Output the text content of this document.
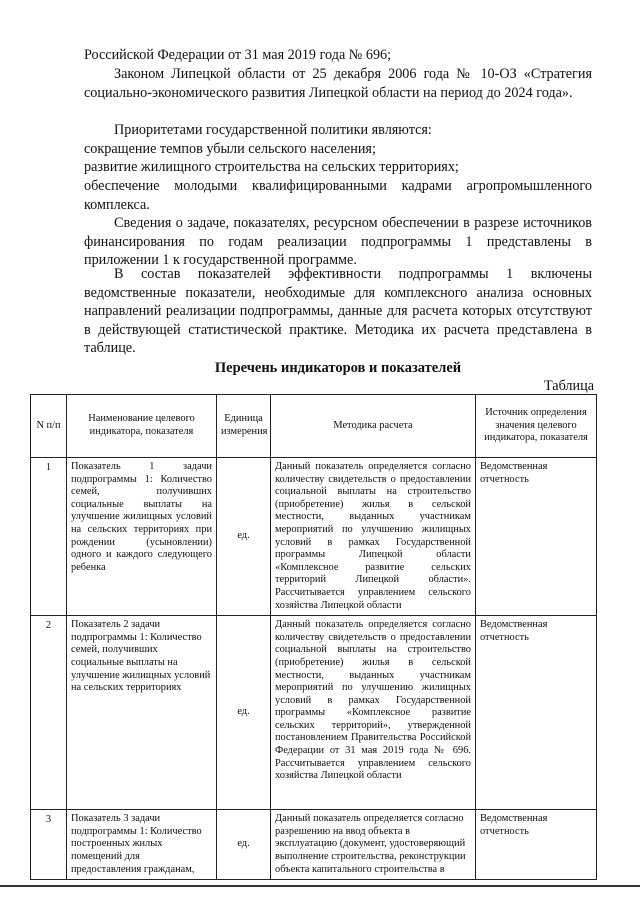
Российской Федерации от 31 мая 2019 года № 696;

Законом Липецкой области от 25 декабря 2006 года № 10-ОЗ «Стратегия социально-экономического развития Липецкой области на период до 2024 года».

Приоритетами государственной политики являются:

сокращение темпов убыли сельского населения;

развитие жилищного строительства на сельских территориях;

обеспечение молодыми квалифицированными кадрами агропромышленного комплекса.

Сведения о задаче, показателях, ресурсном обеспечении в разрезе источников финансирования по годам реализации подпрограммы 1 представлены в приложении 1 к государственной программе.

В состав показателей эффективности подпрограммы 1 включены ведомственные показатели, необходимые для комплексного анализа основных направлений реализации подпрограммы, данные для расчета которых отсутствуют в действующей статистической практике. Методика их расчета представлена в таблице.

Перечень индикаторов и показателей
Таблица
N п/п	Наименование целевого индикатора, показателя	Единица измерения	Методика расчета	Источник определения значения целевого индикатора, показателя
1	Показатель 1 задачи подпрограммы 1: Количество семей, получивших социальные выплаты на улучшение жилищных условий на сельских территориях при рождении (усыновлении) одного и каждого следующего ребенка	ед.	Данный показатель определяется согласно количеству свидетельств о предоставлении социальной выплаты на строительство (приобретение) жилья в сельской местности, выданных участникам мероприятий по улучшению жилищных условий в рамках Государственной программы Липецкой области «Комплексное развитие сельских территорий Липецкой области». Рассчитывается управлением сельского хозяйства Липецкой области	Ведомственная отчетность
2	Показатель 2 задачи подпрограммы 1: Количество семей, получивших социальные выплаты на улучшение жилищных условий на сельских территориях	ед.	Данный показатель определяется согласно количеству свидетельств о предоставлении социальной выплаты на строительство (приобретение) жилья в сельской местности, выданных участникам мероприятий по улучшению жилищных условий в рамках Государственной программы «Комплексное развитие сельских территорий», утвержденной постановлением Правительства Российской Федерации от 31 мая 2019 года № 696. Рассчитывается управлением сельского хозяйства Липецкой области	Ведомственная отчетность
3	Показатель 3 задачи подпрограммы 1: Количество построенных жилых помещений для предоставления гражданам,	ед.	Данный показатель определяется согласно разрешению на ввод объекта в эксплуатацию (документ, удостоверяющий выполнение строительства, реконструкции объекта капитального строительства в	Ведомственная отчетность
